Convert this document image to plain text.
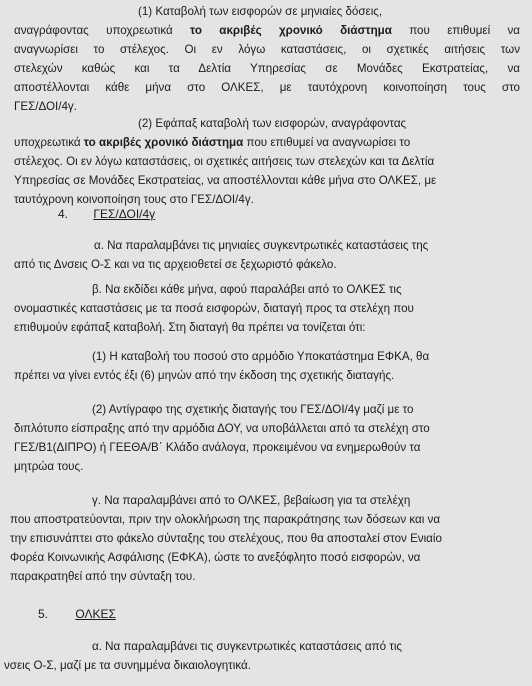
(1) Καταβολή των εισφορών σε μηνιαίες δόσεις,
αναγράφοντας υποχρεωτικά το ακριβές χρονικό διάστημα που επιθυμεί να
αναγνωρίσει το στέλεχος. Οι εν λόγω καταστάσεις, οι σχετικές αιτήσεις των
στελεχών καθώς και τα Δελτία Υπηρεσίας σε Μονάδες Εκστρατείας, να
αποστέλλονται κάθε μήνα στο ΟΛΚΕΣ, με ταυτόχρονη κοινοποίηση τους στο
ΓΕΣ/ΔΟΙ/4γ.
(2) Εφάπαξ καταβολή των εισφορών, αναγράφοντας
υποχρεωτικά το ακριβές χρονικό διάστημα που επιθυμεί να αναγνωρίσει το
στέλεχος. Οι εν λόγω καταστάσεις, οι σχετικές αιτήσεις των στελεχών και τα Δελτία
Υπηρεσίας σε Μονάδες Εκστρατείας, να αποστέλλονται κάθε μήνα στο ΟΛΚΕΣ, με
ταυτόχρονη κοινοποίηση τους στο ΓΕΣ/ΔΟΙ/4γ.
4. ΓΕΣ/ΔΟΙ/4γ
α. Να παραλαμβάνει τις μηνιαίες συγκεντρωτικές καταστάσεις της
από τις Δνσεις Ο-Σ και να τις αρχειοθετεί σε ξεχωριστό φάκελο.
β. Να εκδίδει κάθε μήνα, αφού παραλάβει από το ΟΛΚΕΣ τις
ονομαστικές καταστάσεις με τα ποσά εισφορών, διαταγή προς τα στελέχη που
επιθυμούν εφάπαξ καταβολή. Στη διαταγή θα πρέπει να τονίζεται ότι:
(1) Η καταβολή του ποσού στο αρμόδιο Υποκατάστημα ΕΦΚΑ, θα
πρέπει να γίνει εντός έξι (6) μηνών από την έκδοση της σχετικής διαταγής.
(2) Αντίγραφο της σχετικής διαταγής του ΓΕΣ/ΔΟΙ/4γ μαζί με το
διπλότυπο είσπραξης από την αρμόδια ΔΟΥ, να υποβάλλεται από τα στελέχη στο
ΓΕΣ/Β1(ΔΙΠΡΟ) ή ΓΕΕΘΑ/Β΄ Κλάδο ανάλογα, προκειμένου να ενημερωθούν τα
μητρώα τους.
γ. Να παραλαμβάνει από το ΟΛΚΕΣ, βεβαίωση για τα στελέχη
που αποστρατεύονται, πριν την ολοκλήρωση της παρακράτησης των δόσεων και να
την επισυνάπτει στο φάκελο σύνταξης του στελέχους, που θα αποσταλεί στον Ενιαίο
Φορέα Κοινωνικής Ασφάλισης (ΕΦΚΑ), ώστε το ανεξόφλητο ποσό εισφορών, να
παρακρατηθεί από την σύνταξη του.
5. ΟΛΚΕΣ
α. Να παραλαμβάνει τις συγκεντρωτικές καταστάσεις από τις
νσεις Ο-Σ, μαζί με τα συνημμένα δικαιολογητικά.
